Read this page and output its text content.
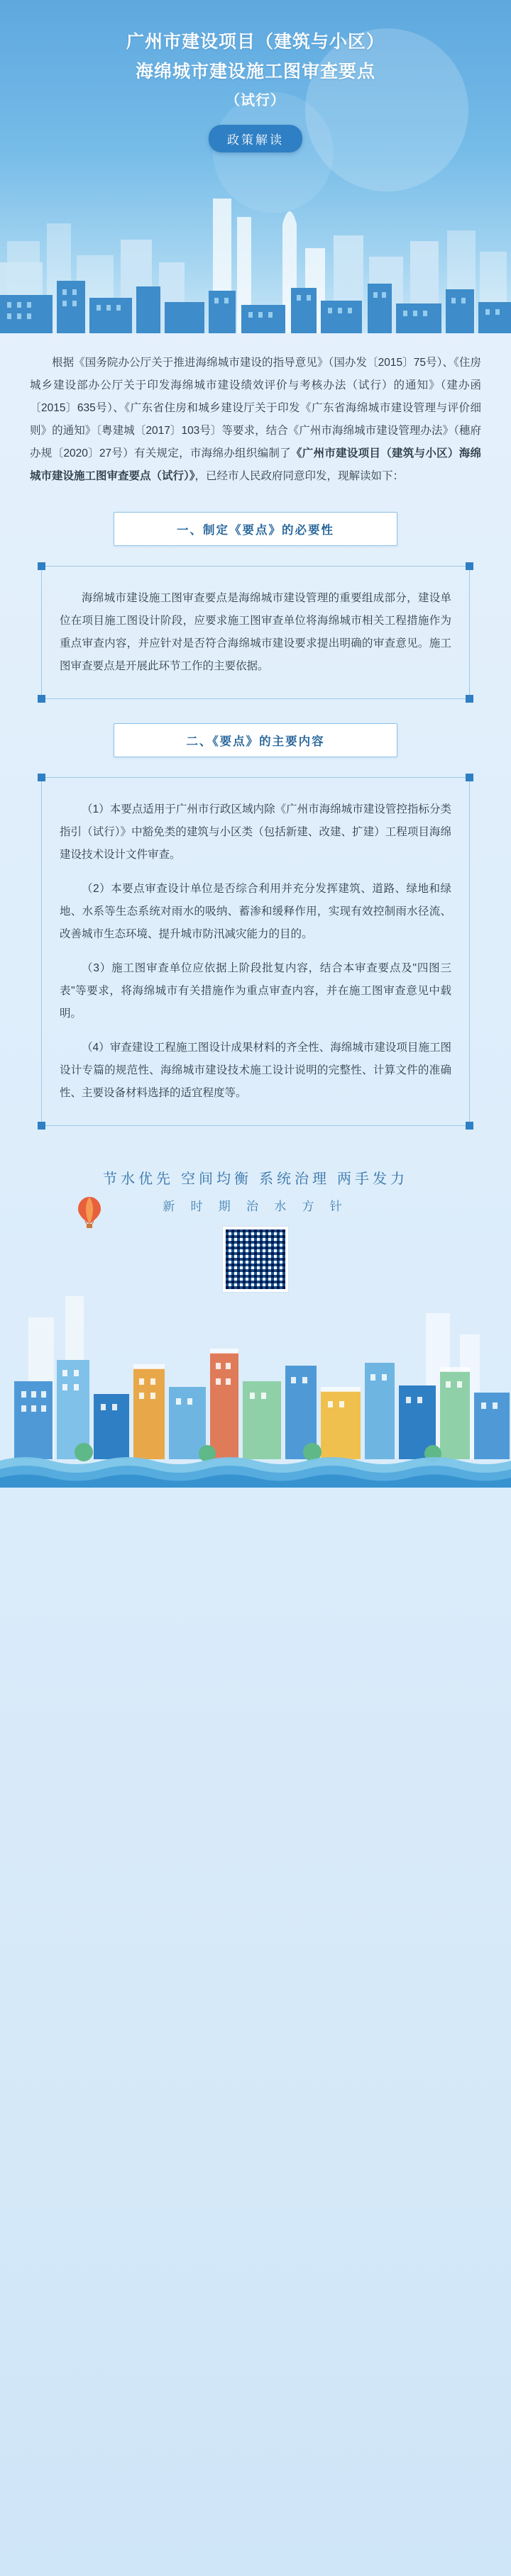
广州市建设项目（建筑与小区）
海绵城市建设施工图审查要点
（试行）
政策解读

根据《国务院办公厅关于推进海绵城市建设的指导意见》（国办发〔2015〕75号）、《住房城乡建设部办公厅关于印发海绵城市建设绩效评价与考核办法（试行）的通知》（建办函〔2015〕635号）、《广东省住房和城乡建设厅关于印发《广东省海绵城市建设管理与评价细则》的通知》〔粤建城〔2017〕103号〕等要求，结合《广州市海绵城市建设管理办法》（穗府办规〔2020〕27号）有关规定，市海绵办组织编制了《广州市建设项目（建筑与小区）海绵城市建设施工图审查要点（试行）》，已经市人民政府同意印发，现解读如下：

一、制定《要点》的必要性

海绵城市建设施工图审查要点是海绵城市建设管理的重要组成部分，建设单位在项目施工图设计阶段，应要求施工图审查单位将海绵城市相关工程措施作为重点审查内容，并应针对是否符合海绵城市建设要求提出明确的审查意见。施工图审查要点是开展此环节工作的主要依据。

二、《要点》的主要内容

（1）本要点适用于广州市行政区域内除《广州市海绵城市建设管控指标分类指引（试行）》中豁免类的建筑与小区类（包括新建、改建、扩建）工程项目海绵建设技术设计文件审查。

（2）本要点审查设计单位是否综合利用并充分发挥建筑、道路、绿地和绿地、水系等生态系统对雨水的吸纳、蓄渗和缓释作用，实现有效控制雨水径流、改善城市生态环境、提升城市防汛减灾能力的目的。

（3）施工图审查单位应依据上阶段批复内容，结合本审查要点及"四图三表"等要求，将海绵城市有关措施作为重点审查内容，并在施工图审查意见中载明。

（4）审查建设工程施工图设计成果材料的齐全性、海绵城市建设项目施工图设计专篇的规范性、海绵城市建设技术施工设计说明的完整性、计算文件的准确性、主要设备材料选择的适宜程度等。

节水优先 空间均衡 系统治理 两手发力
新 时 期 治 水 方 针
